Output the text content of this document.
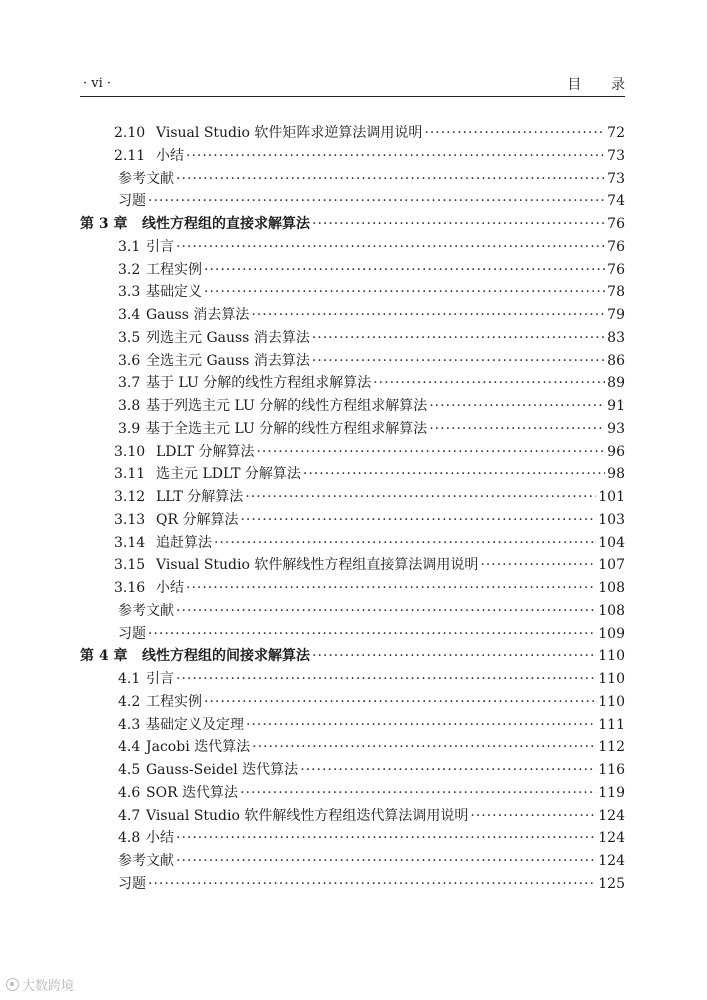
· vi ·	目 录
2.10 Visual Studio 软件矩阵求逆算法调用说明 ·····	72
2.11 小结 ·····	73
参考文献 ·····	73
习题 ·····	74
第 3 章	线性方程组的直接求解算法 ·····	76
3.1 引言 ·····	76
3.2 工程实例 ·····	76
3.3 基础定义 ·····	78
3.4 Gauss 消去算法 ·····	79
3.5 列选主元 Gauss 消去算法 ·····	83
3.6 全选主元 Gauss 消去算法 ·····	86
3.7 基于 LU 分解的线性方程组求解算法 ·····	89
3.8 基于列选主元 LU 分解的线性方程组求解算法 ·····	91
3.9 基于全选主元 LU 分解的线性方程组求解算法 ·····	93
3.10 LDLT 分解算法 ·····	96
3.11 选主元 LDLT 分解算法 ·····	98
3.12 LLT 分解算法 ·····	101
3.13 QR 分解算法 ·····	103
3.14 追赶算法 ·····	104
3.15 Visual Studio 软件解线性方程组直接算法调用说明 ·····	107
3.16 小结 ·····	108
参考文献 ·····	108
习题 ·····	109
第 4 章	线性方程组的间接求解算法 ·····	110
4.1 引言 ·····	110
4.2 工程实例 ·····	110
4.3 基础定义及定理 ·····	111
4.4 Jacobi 迭代算法 ·····	112
4.5 Gauss-Seidel 迭代算法 ·····	116
4.6 SOR 迭代算法 ·····	119
4.7 Visual Studio 软件解线性方程组迭代算法调用说明 ·····	124
4.8 小结 ·····	124
参考文献 ·····	124
习题 ·····	125
大数跨境
